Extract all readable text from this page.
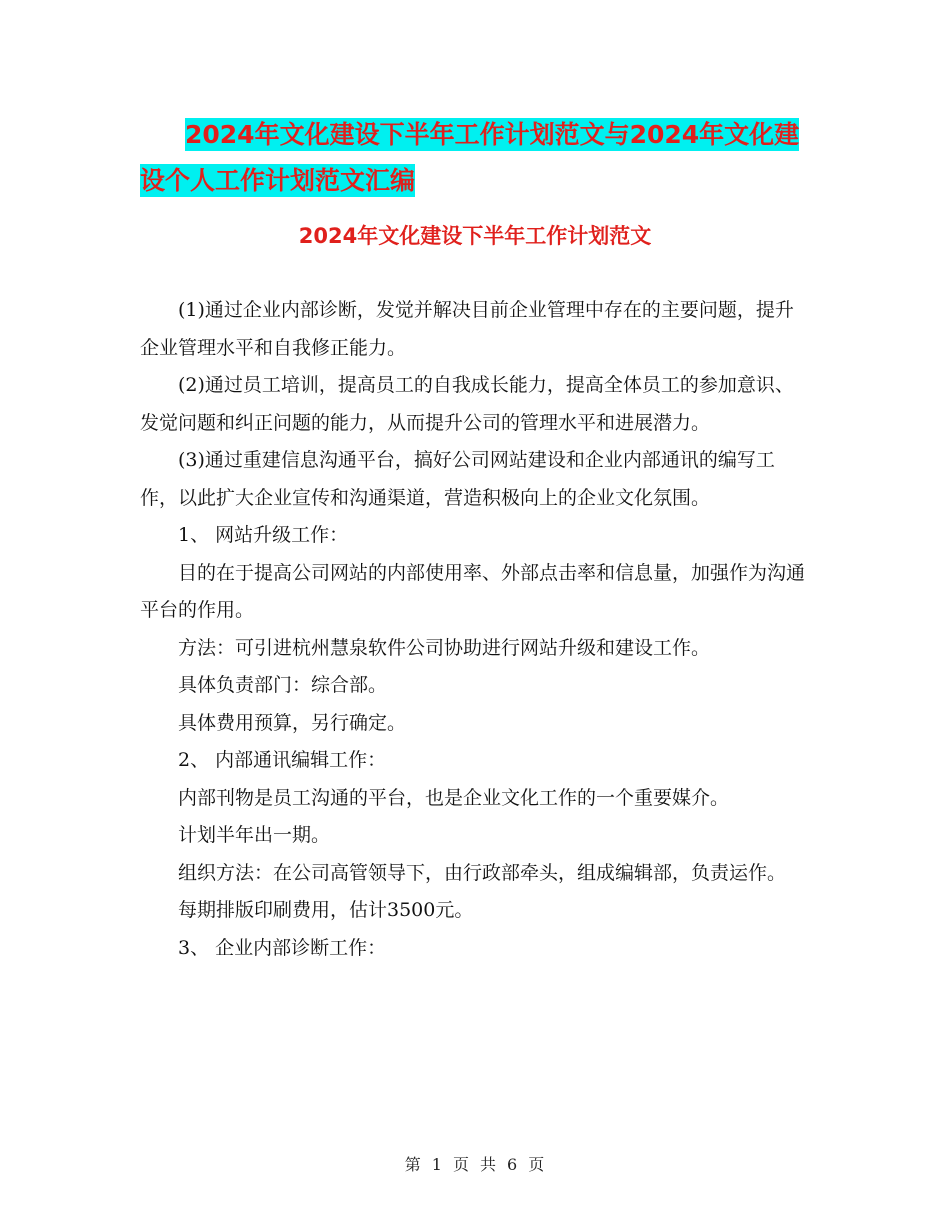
2024年文化建设下半年工作计划范文与2024年文化建
设个人工作计划范文汇编
2024年文化建设下半年工作计划范文

(1)通过企业内部诊断，发觉并解决目前企业管理中存在的主要问题，提升企业管理水平和自我修正能力。

(2)通过员工培训，提高员工的自我成长能力，提高全体员工的参加意识、发觉问题和纠正问题的能力，从而提升公司的管理水平和进展潜力。

(3)通过重建信息沟通平台，搞好公司网站建设和企业内部通讯的编写工作，以此扩大企业宣传和沟通渠道，营造积极向上的企业文化氛围。

1、 网站升级工作：

目的在于提高公司网站的内部使用率、外部点击率和信息量，加强作为沟通平台的作用。

方法：可引进杭州慧泉软件公司协助进行网站升级和建设工作。

具体负责部门：综合部。

具体费用预算，另行确定。

2、 内部通讯编辑工作：

内部刊物是员工沟通的平台，也是企业文化工作的一个重要媒介。

计划半年出一期。

组织方法：在公司高管领导下，由行政部牵头，组成编辑部，负责运作。

每期排版印刷费用，估计3500元。

3、 企业内部诊断工作：

第 1 页 共 6 页
